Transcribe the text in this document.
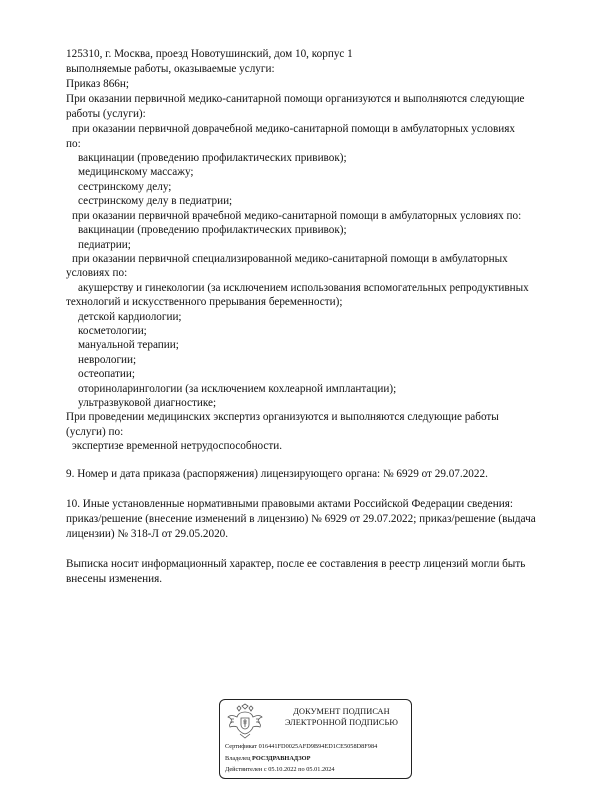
125310, г. Москва, проезд Новотушинский, дом 10, корпус 1
выполняемые работы, оказываемые услуги:
Приказ 866н;
При оказании первичной медико-санитарной помощи организуются и выполняются следующие
работы (услуги):
при оказании первичной доврачебной медико-санитарной помощи в амбулаторных условиях
по:
вакцинации (проведению профилактических прививок);
медицинскому массажу;
сестринскому делу;
сестринскому делу в педиатрии;
при оказании первичной врачебной медико-санитарной помощи в амбулаторных условиях по:
вакцинации (проведению профилактических прививок);
педиатрии;
при оказании первичной специализированной медико-санитарной помощи в амбулаторных
условиях по:
акушерству и гинекологии (за исключением использования вспомогательных репродуктивных
технологий и искусственного прерывания беременности);
детской кардиологии;
косметологии;
мануальной терапии;
неврологии;
остеопатии;
оториноларингологии (за исключением кохлеарной имплантации);
ультразвуковой диагностике;
При проведении медицинских экспертиз организуются и выполняются следующие работы
(услуги) по:
экспертизе временной нетрудоспособности.
9. Номер и дата приказа (распоряжения) лицензирующего органа: № 6929 от 29.07.2022.
10. Иные установленные нормативными правовыми актами Российской Федерации сведения:
приказ/решение (внесение изменений в лицензию) № 6929 от 29.07.2022; приказ/решение (выдача
лицензии) № 318-Л от 29.05.2020.
Выписка носит информационный характер, после ее составления в реестр лицензий могли быть
внесены изменения.
ДОКУМЕНТ ПОДПИСАН
ЭЛЕКТРОННОЙ ПОДПИСЬЮ
Сертификат 016441FD0025AFD9B94ED1CE5058D8F984
Владелец РОСЗДРАВНАДЗОР
Действителен с 05.10.2022 по 05.01.2024
